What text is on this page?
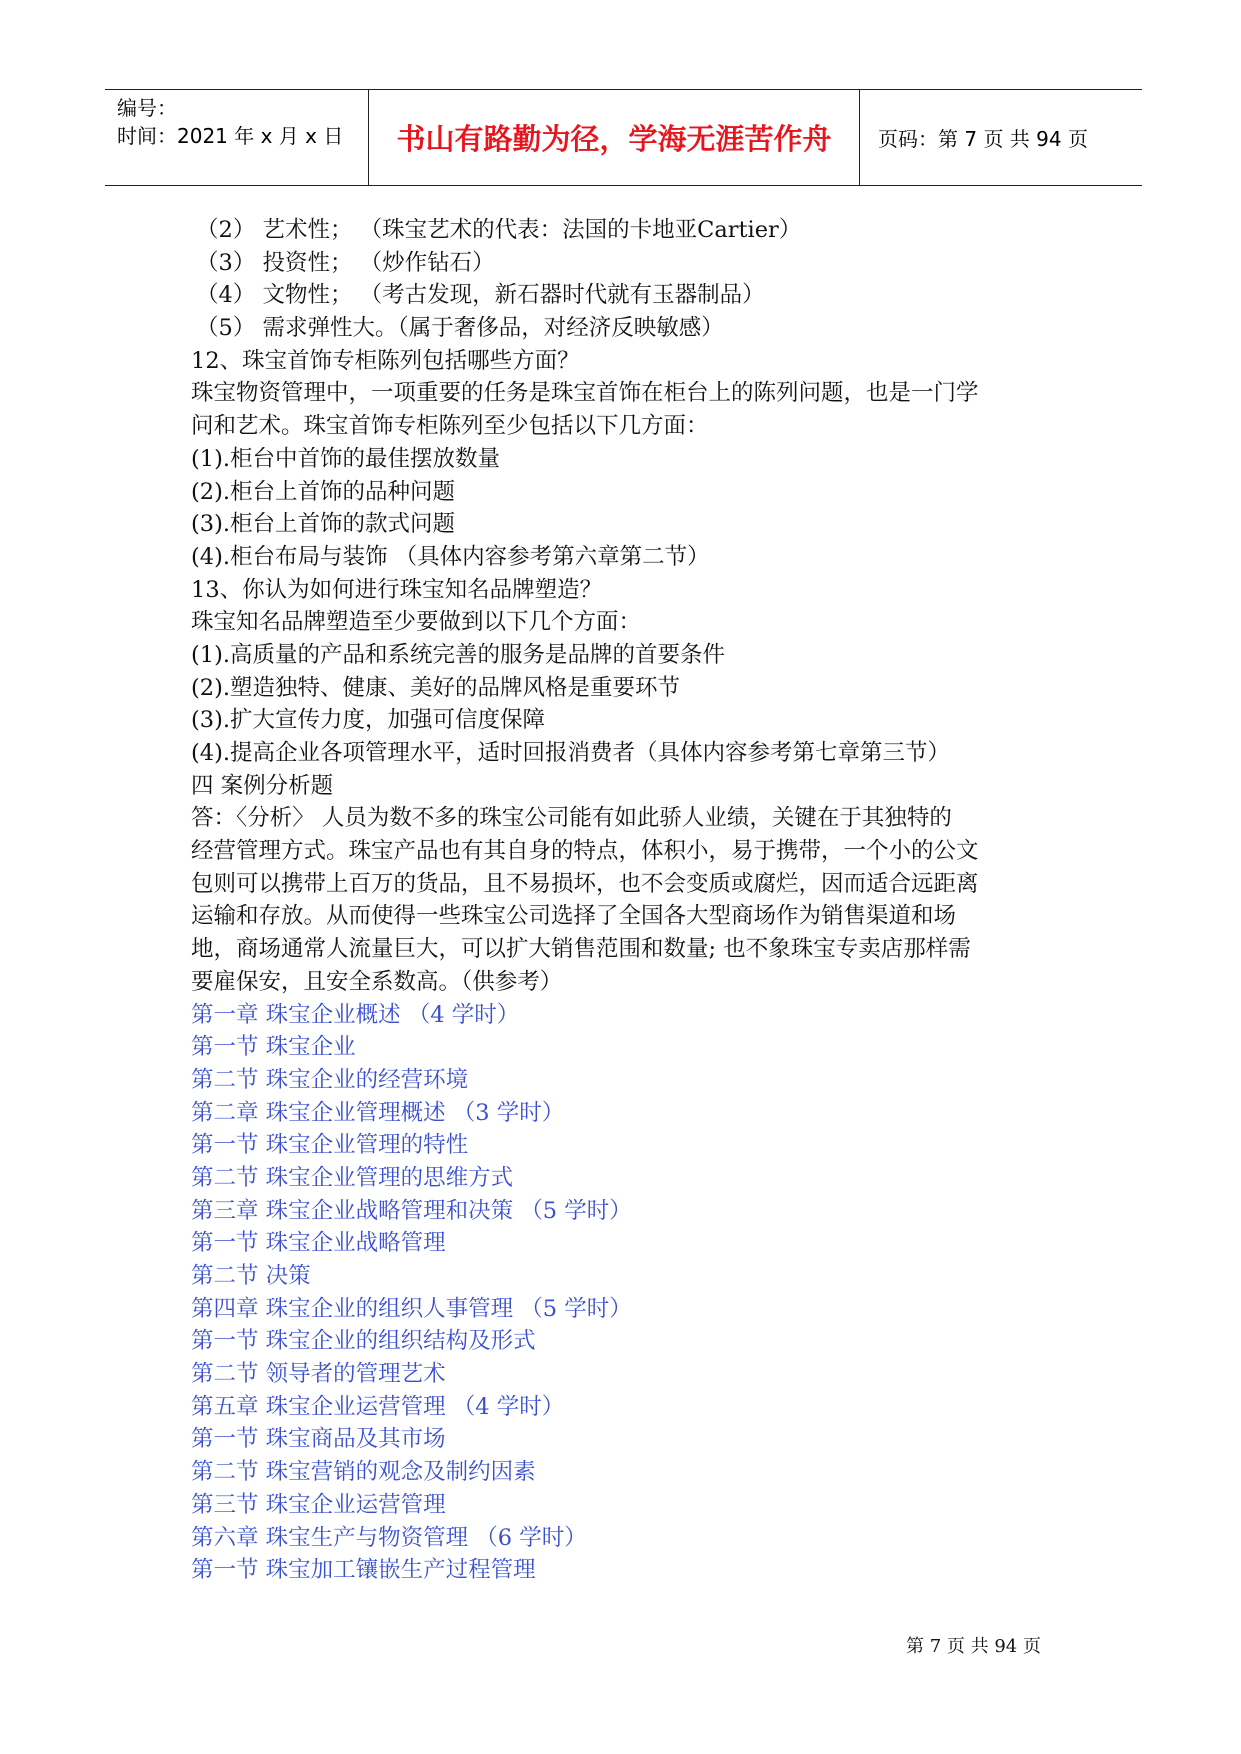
编号：
时间：2021 年 x 月 x 日	书山有路勤为径，学海无涯苦作舟	页码：第 7 页 共 94 页
（2） 艺术性； （珠宝艺术的代表：法国的卡地亚Cartier）
（3） 投资性； （炒作钻石）
（4） 文物性； （考古发现，新石器时代就有玉器制品）
（5） 需求弹性大。（属于奢侈品，对经济反映敏感）
12、珠宝首饰专柜陈列包括哪些方面？
珠宝物资管理中，一项重要的任务是珠宝首饰在柜台上的陈列问题，也是一门学
问和艺术。珠宝首饰专柜陈列至少包括以下几方面：
(1).柜台中首饰的最佳摆放数量
(2).柜台上首饰的品种问题
(3).柜台上首饰的款式问题
(4).柜台布局与装饰 （具体内容参考第六章第二节）
13、你认为如何进行珠宝知名品牌塑造？
珠宝知名品牌塑造至少要做到以下几个方面：
(1).高质量的产品和系统完善的服务是品牌的首要条件
(2).塑造独特、健康、美好的品牌风格是重要环节
(3).扩大宣传力度，加强可信度保障
(4).提高企业各项管理水平，适时回报消费者（具体内容参考第七章第三节）
四 案例分析题
答：〈分析〉 人员为数不多的珠宝公司能有如此骄人业绩，关键在于其独特的
经营管理方式。珠宝产品也有其自身的特点，体积小，易于携带，一个小的公文
包则可以携带上百万的货品，且不易损坏，也不会变质或腐烂，因而适合远距离
运输和存放。从而使得一些珠宝公司选择了全国各大型商场作为销售渠道和场
地，商场通常人流量巨大，可以扩大销售范围和数量; 也不象珠宝专卖店那样需
要雇保安，且安全系数高。（供参考）
第一章 珠宝企业概述 （4 学时）
第一节 珠宝企业
第二节 珠宝企业的经营环境
第二章 珠宝企业管理概述 （3 学时）
第一节 珠宝企业管理的特性
第二节 珠宝企业管理的思维方式
第三章 珠宝企业战略管理和决策 （5 学时）
第一节 珠宝企业战略管理
第二节 决策
第四章 珠宝企业的组织人事管理 （5 学时）
第一节 珠宝企业的组织结构及形式
第二节 领导者的管理艺术
第五章 珠宝企业运营管理 （4 学时）
第一节 珠宝商品及其市场
第二节 珠宝营销的观念及制约因素
第三节 珠宝企业运营管理
第六章 珠宝生产与物资管理 （6 学时）
第一节 珠宝加工镶嵌生产过程管理
第 7 页 共 94 页
